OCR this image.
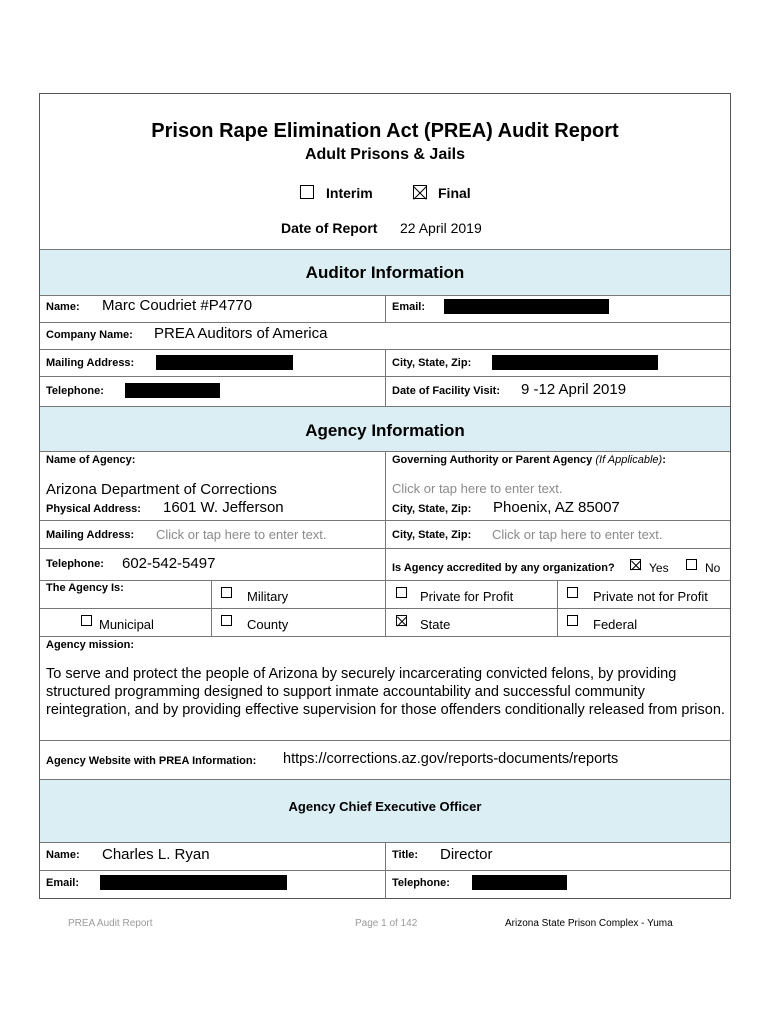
Prison Rape Elimination Act (PREA) Audit Report
Adult Prisons & Jails
Interim	Final
Date of Report 22 April 2019
Auditor Information
Name: Marc Coudriet #P4770	Email:
Company Name: PREA Auditors of America
Mailing Address:	City, State, Zip:
Telephone:	Date of Facility Visit: 9 -12 April 2019
Agency Information
Name of Agency:	Governing Authority or Parent Agency (If Applicable):
Arizona Department of Corrections	Click or tap here to enter text.
Physical Address: 1601 W. Jefferson	City, State, Zip: Phoenix, AZ 85007
Mailing Address: Click or tap here to enter text.	City, State, Zip: Click or tap here to enter text.
Telephone: 602-542-5497	Is Agency accredited by any organization?	Yes	No
The Agency Is:
Military	Private for Profit	Private not for Profit
Municipal	County	State	Federal
Agency mission:
To serve and protect the people of Arizona by securely incarcerating convicted felons, by providing structured programming designed to support inmate accountability and successful community reintegration, and by providing effective supervision for those offenders conditionally released from prison.
Agency Website with PREA Information: https://corrections.az.gov/reports-documents/reports
Agency Chief Executive Officer
Name: Charles L. Ryan	Title: Director
Email:	Telephone:
PREA Audit Report	Page 1 of 142	Arizona State Prison Complex - Yuma
